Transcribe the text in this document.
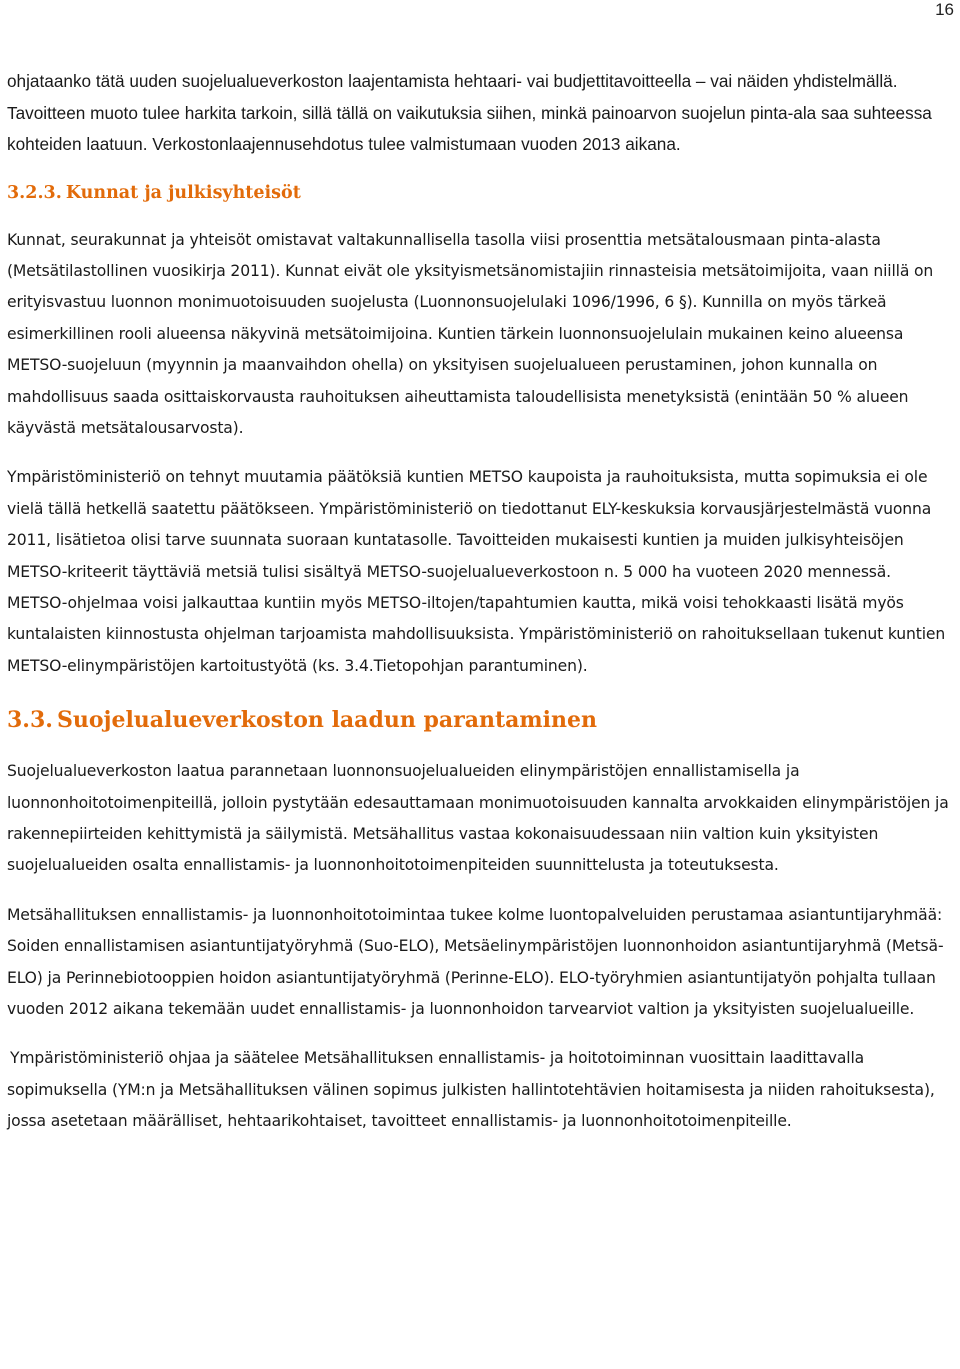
16

ohjataanko tätä uuden suojelualueverkoston laajentamista hehtaari- vai budjettitavoitteella – vai näiden yhdistelmällä. Tavoitteen muoto tulee harkita tarkoin, sillä tällä on vaikutuksia siihen, minkä painoarvon suojelun pinta-ala saa suhteessa kohteiden laatuun. Verkostonlaajennusehdotus tulee valmistumaan vuoden 2013 aikana.

3.2.3. Kunnat ja julkisyhteisöt

Kunnat, seurakunnat ja yhteisöt omistavat valtakunnallisella tasolla viisi prosenttia metsätalousmaan pinta-alasta (Metsätilastollinen vuosikirja 2011). Kunnat eivät ole yksityismetsänomistajiin rinnasteisia metsätoimijoita, vaan niillä on erityisvastuu luonnon monimuotoisuuden suojelusta (Luonnonsuojelulaki 1096/1996, 6 §). Kunnilla on myös tärkeä esimerkillinen rooli alueensa näkyvinä metsätoimijoina. Kuntien tärkein luonnonsuojelulain mukainen keino alueensa METSO-suojeluun (myynnin ja maanvaihdon ohella) on yksityisen suojelualueen perustaminen, johon kunnalla on mahdollisuus saada osittaiskorvausta rauhoituksen aiheuttamista taloudellisista menetyksistä (enintään 50 % alueen käyvästä metsätalousarvosta).

Ympäristöministeriö on tehnyt muutamia päätöksiä kuntien METSO kaupoista ja rauhoituksista, mutta sopimuksia ei ole vielä tällä hetkellä saatettu päätökseen. Ympäristöministeriö on tiedottanut ELY-keskuksia korvausjärjestelmästä vuonna 2011, lisätietoa olisi tarve suunnata suoraan kuntatasolle. Tavoitteiden mukaisesti kuntien ja muiden julkisyhteisöjen METSO-kriteerit täyttäviä metsiä tulisi sisältyä METSO-suojelualueverkostoon n. 5 000 ha vuoteen 2020 mennessä. METSO-ohjelmaa voisi jalkauttaa kuntiin myös METSO-iltojen/tapahtumien kautta, mikä voisi tehokkaasti lisätä myös kuntalaisten kiinnostusta ohjelman tarjoamista mahdollisuuksista. Ympäristöministeriö on rahoituksellaan tukenut kuntien METSO-elinympäristöjen kartoitustyötä (ks. 3.4.Tietopohjan parantuminen).

3.3. Suojelualueverkoston laadun parantaminen

Suojelualueverkoston laatua parannetaan luonnonsuojelualueiden elinympäristöjen ennallistamisella ja luonnonhoitotoimenpiteillä, jolloin pystytään edesauttamaan monimuotoisuuden kannalta arvokkaiden elinympäristöjen ja rakennepiirteiden kehittymistä ja säilymistä. Metsähallitus vastaa kokonaisuudessaan niin valtion kuin yksityisten suojelualueiden osalta ennallistamis- ja luonnonhoitotoimenpiteiden suunnittelusta ja toteutuksesta.

Metsähallituksen ennallistamis- ja luonnonhoitotoimintaa tukee kolme luontopalveluiden perustamaa asiantuntijaryhmää: Soiden ennallistamisen asiantuntijatyöryhmä (Suo-ELO), Metsäelinympäristöjen luonnonhoidon asiantuntijaryhmä (Metsä-ELO) ja Perinnebiotooppien hoidon asiantuntijatyöryhmä (Perinne-ELO). ELO-työryhmien asiantuntijatyön pohjalta tullaan vuoden 2012 aikana tekemään uudet ennallistamis- ja luonnonhoidon tarvearviot valtion ja yksityisten suojelualueille.

Ympäristöministeriö ohjaa ja säätelee Metsähallituksen ennallistamis- ja hoitotoiminnan vuosittain laadittavalla sopimuksella (YM:n ja Metsähallituksen välinen sopimus julkisten hallintotehtävien hoitamisesta ja niiden rahoituksesta), jossa asetetaan määrälliset, hehtaarikohtaiset, tavoitteet ennallistamis- ja luonnonhoitotoimenpiteille.
